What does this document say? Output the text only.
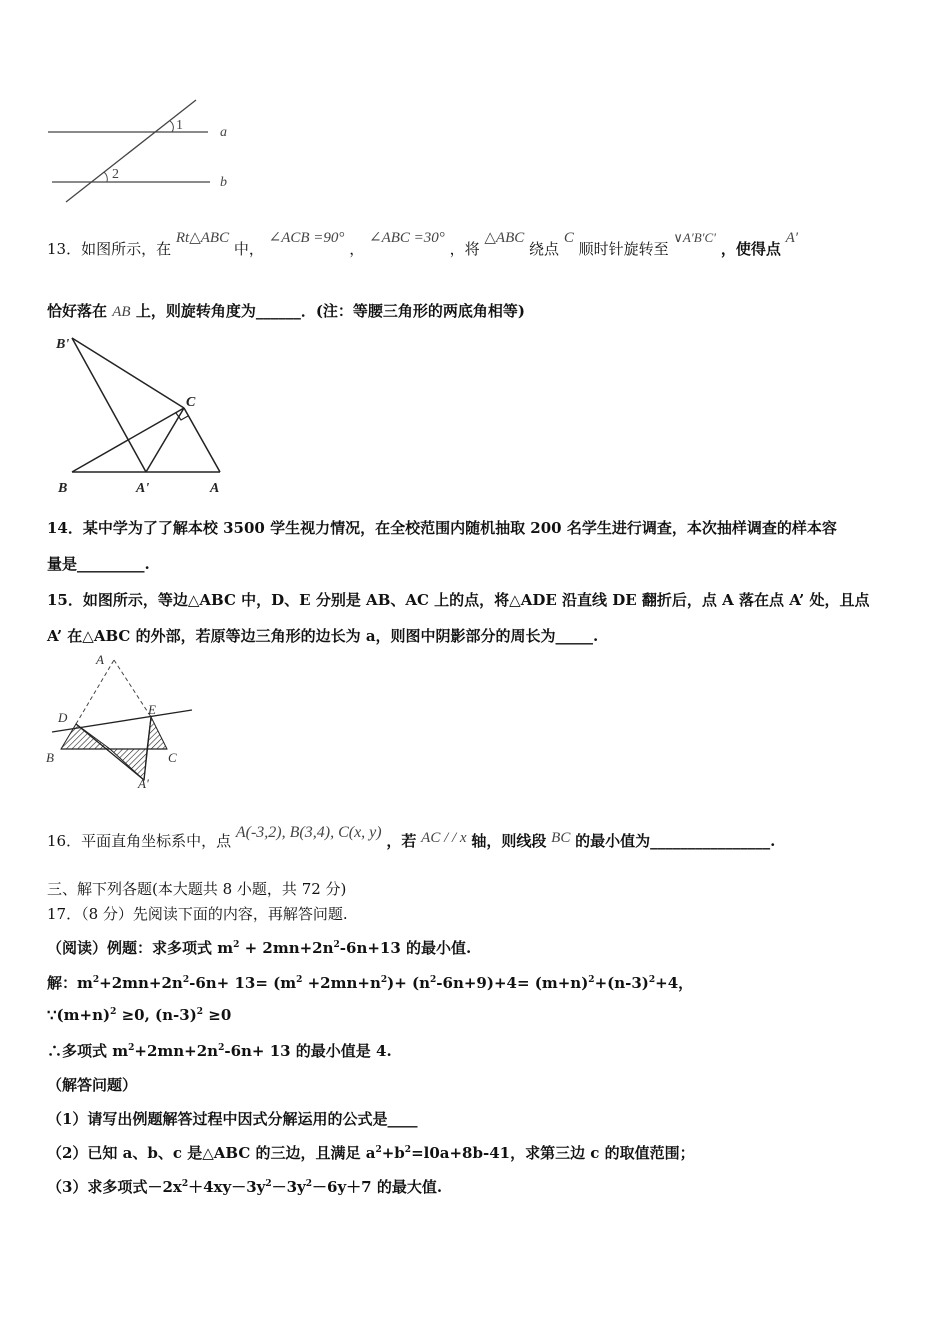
1
2
a
b
13．如图所示，在 Rt△ABC 中， ∠ACB =90° ， ∠ABC =30° ，将 △ABC 绕点 C 顺时针旋转至 ∨A′B′C′ ，使得点 A′
恰好落在 AB 上，则旋转角度为______．(注：等腰三角形的两底角相等)
B'
C
B	A'	A
14．某中学为了了解本校 3500 学生视力情况，在全校范围内随机抽取 200 名学生进行调查，本次抽样调查的样本容
量是_________.
15．如图所示，等边△ABC 中，D、E 分别是 AB、AC 上的点，将△ADE 沿直线 DE 翻折后，点 A 落在点 A’ 处，且点
A’ 在△ABC 的外部，若原等边三角形的边长为 a，则图中阴影部分的周长为_____.
A
D
E
B	C
A'
16．平面直角坐标系中，点 A(-3,2), B(3,4), C(x, y) ，若 AC / / x 轴，则线段 BC 的最小值为________________.
三、解下列各题(本大题共 8 小题，共 72 分)
17．（8 分）先阅读下面的内容，再解答问题.
（阅读）例题：求多项式 $m^2 + 2mn+2n^2-6n+13$ 的最小值.
解：$m^2+2mn+2n^2-6n+ 13= (m^2 +2mn+n^2)+ (n^2-6n+9)+4= (m+n)^2+(n-3)^2+4$，
$\because(m+n)^2 \ge 0$, $(n-3)^2 \ge 0$
∴多项式 $m^2+2mn+2n^2-6n+ 13$ 的最小值是 4.
（解答问题）
（1）请写出例题解答过程中因式分解运用的公式是____
（2）已知 a、b、c 是△ABC 的三边，且满足 $a^2+b^2=l0a+8b-41$，求第三边 c 的取值范围；
（3）求多项式$-2x^2+4xy-3y^2-3y^2-6y+7$ 的最大值.
